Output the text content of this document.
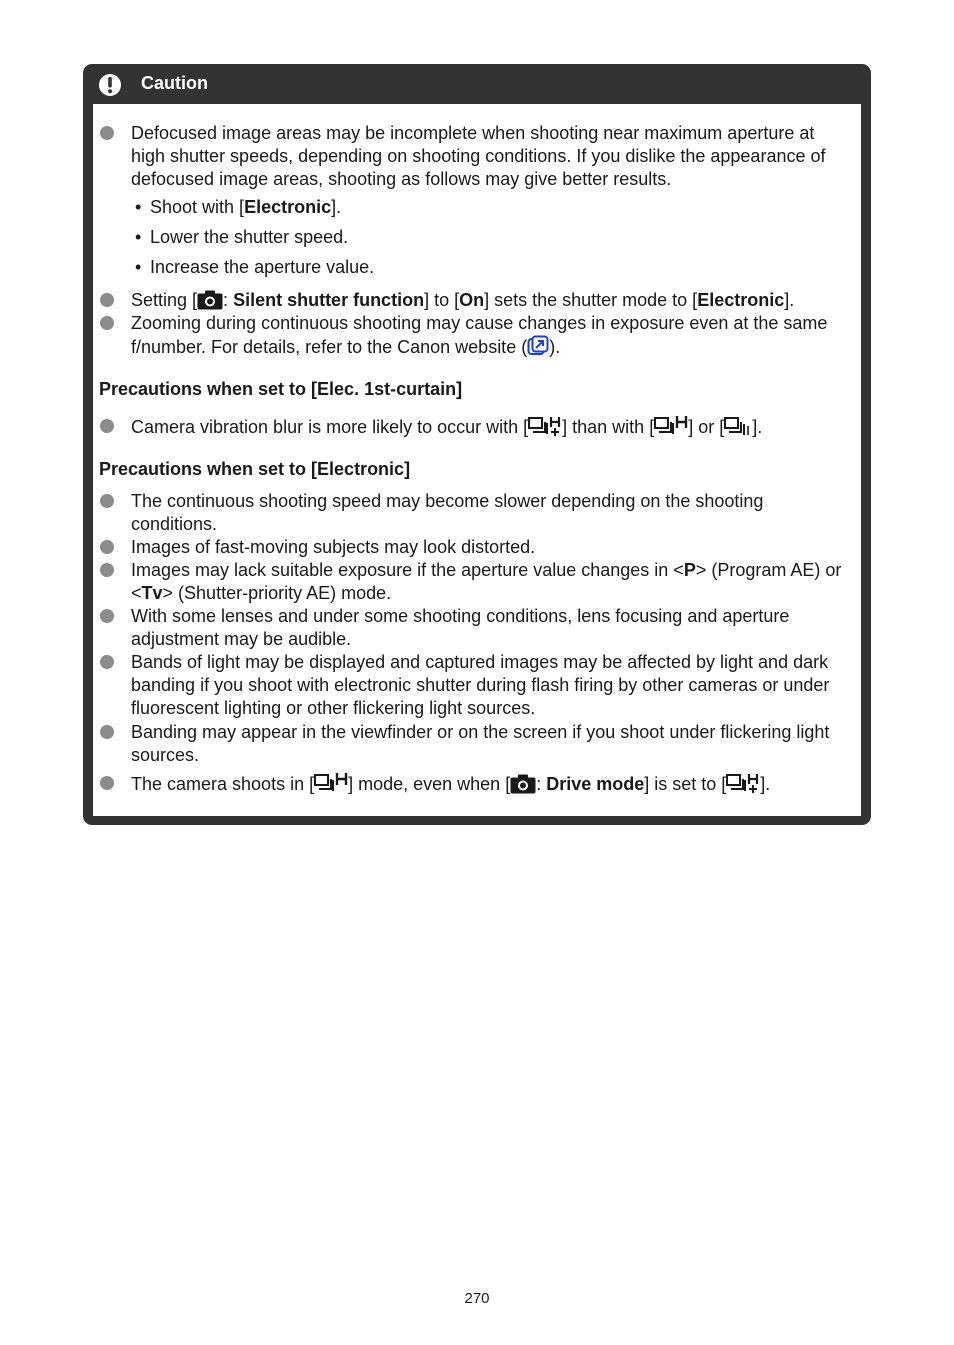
Caution
Defocused image areas may be incomplete when shooting near maximum aperture at high shutter speeds, depending on shooting conditions. If you dislike the appearance of defocused image areas, shooting as follows may give better results.
• Shoot with [Electronic].
• Lower the shutter speed.
• Increase the aperture value.
Setting [ : Silent shutter function] to [On] sets the shutter mode to [Electronic].
Zooming during continuous shooting may cause changes in exposure even at the same f/number. For details, refer to the Canon website ( ).
Precautions when set to [Elec. 1st-curtain]
Camera vibration blur is more likely to occur with [ ] than with [ ] or [ ].
Precautions when set to [Electronic]
The continuous shooting speed may become slower depending on the shooting conditions.
Images of fast-moving subjects may look distorted.
Images may lack suitable exposure if the aperture value changes in <P> (Program AE) or <Tv> (Shutter-priority AE) mode.
With some lenses and under some shooting conditions, lens focusing and aperture adjustment may be audible.
Bands of light may be displayed and captured images may be affected by light and dark banding if you shoot with electronic shutter during flash firing by other cameras or under fluorescent lighting or other flickering light sources.
Banding may appear in the viewfinder or on the screen if you shoot under flickering light sources.
The camera shoots in [ ] mode, even when [ : Drive mode] is set to [ ].
270
